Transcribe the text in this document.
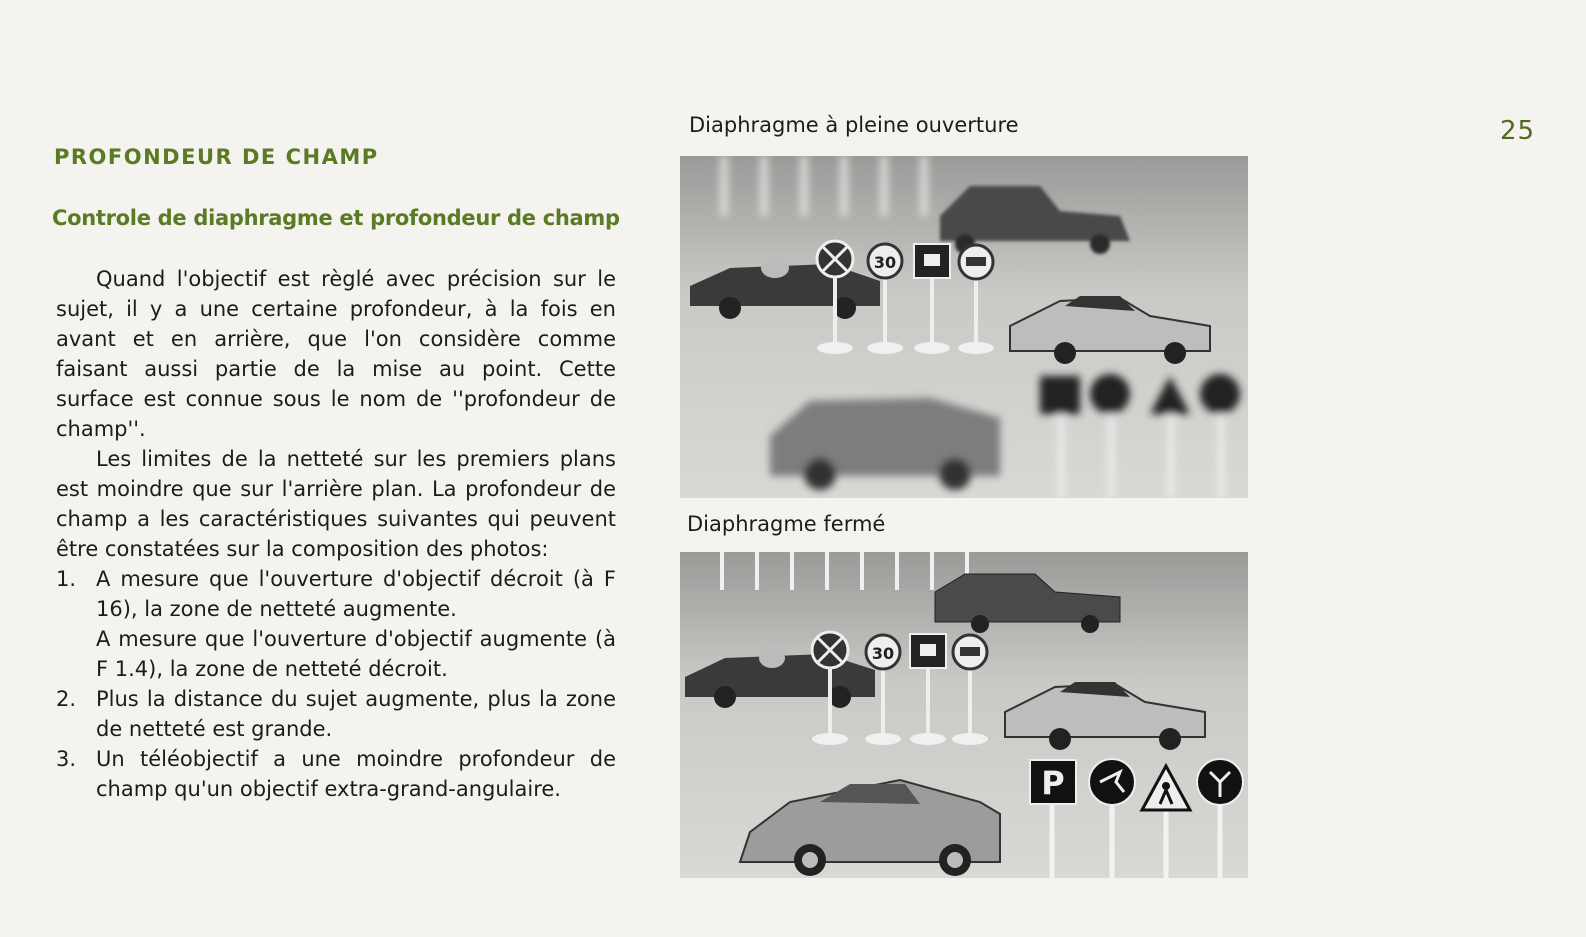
25
PROFONDEUR DE CHAMP
Controle de diaphragme et profondeur de champ

Quand l'objectif est règlé avec précision sur le sujet, il y a une certaine profondeur, à la fois en avant et en arrière, que l'on considère comme faisant aussi partie de la mise au point. Cette surface est connue sous le nom de ''profondeur de champ''.

Les limites de la netteté sur les premiers plans est moindre que sur l'arrière plan. La profondeur de champ a les caractéristiques suivantes qui peuvent être constatées sur la composition des photos:

1. A mesure que l'ouverture d'objectif décroit (à F 16), la zone de netteté augmente.
A mesure que l'ouverture d'objectif augmente (à F 1.4), la zone de netteté décroit.
2. Plus la distance du sujet augmente, plus la zone de netteté est grande.
3. Un téléobjectif a une moindre profondeur de champ qu'un objectif extra-grand-angulaire.

Diaphragme à pleine ouverture

30

Diaphragme fermé

30
P
